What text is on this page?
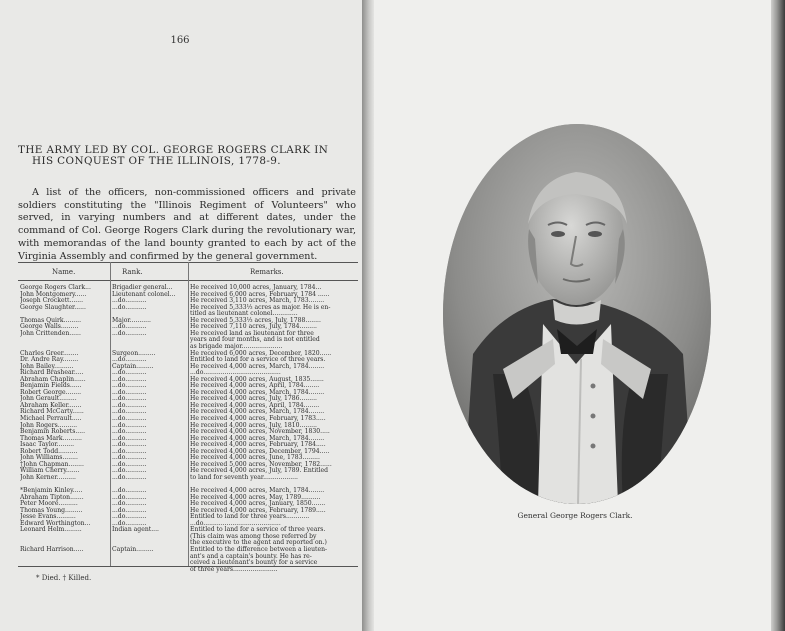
166
THE ARMY LED BY COL. GEORGE ROGERS CLARK IN
HIS CONQUEST OF THE ILLINOIS, 1778-9.
A list of the officers, non-commissioned officers and private soldiers constituting the "Illinois Regiment of Volunteers" who served, in varying numbers and at different dates, under the command of Col. George Rogers Clark during the revolutionary war, with memorandas of the land bounty granted to each by act of the Virginia Assembly and confirmed by the general government.
Name.	Rank.	Remarks.
George Rogers Clark...	Brigadier general...	He received 10,000 acres, January, 1784...
John Montgomery......	Lieutenant colonel...	He received 6,000 acres, February, 1784 ......
Joseph Crockett.......	...do...........	He received 3,110 acres, March, 1783........
George Slaughter......	...do...........	He received 5,333⅓ acres as major. He is en-
titled as lieutenant colonel.............
Thomas Quirk.........	Major...........	He received 5,333⅓ acres, July, 1788........
George Walls.........	...do...........	He received 7,110 acres, July, 1784.........
John Crittenden......	...do...........	He received land as lieutenant for three
years and four months, and is not entitled
as brigade major.....................
Charles Greer........	Surgeon.........	He received 6,000 acres, December, 1820......
Dr. Andre Ray........	...do...........	Entitled to land for a service of three years.
John Bailey..........	Captain.........	He received 4,000 acres, March, 1784........
Richard Brashear.....	...do...........	...do........................................
Abraham Chaplin......	...do...........	He received 4,000 acres, August, 1835.......
Benjamin Fields......	...do...........	He received 4,000 acres, April, 1784........
Robert George........	...do...........	He received 4,000 acres, March, 1784........
John Gerault.........	...do...........	He received 4,000 acres, July, 1786.........
Abraham Keller.......	...do...........	He received 4,000 acres, April, 1784........
Richard McCarty......	...do...........	He received 4,000 acres, March, 1784........
Michael Perrault.....	...do...........	He received 4,000 acres, February, 1783.....
John Rogers..........	...do...........	He received 4,000 acres, July, 1810.........
Benjamin Roberts.....	...do...........	He received 4,000 acres, November, 1830.....
Thomas Mark..........	...do...........	He received 4,000 acres, March, 1784........
Isaac Taylor.........	...do...........	He received 4,000 acres, February, 1784.....
Robert Todd..........	...do...........	He received 4,000 acres, December, 1794.....
John Williams........	...do...........	He received 4,000 acres, June, 1783.........
†John Chapman........	...do...........	He received 5,000 acres, November, 1782......
William Cherry.......	...do...........	He received 4,000 acres, July, 1789. Entitled
John Kerner..........	...do...........	to land for seventh year..................
*Benjamin Kinley.....	...do...........	He received 4,000 acres, March, 1784........
Abraham Tipton.......	...do...........	He received 4,000 acres, May, 1789..........
Peter Moore..........	...do...........	He received 4,000 acres, January, 1850.......
Thomas Young.........	...do...........	He received 4,000 acres, February, 1789.....
Jesse Evans..........	...do...........	Entitled to land for three years............
Edward Worthington...	...do...........	...do........................................
Leonard Helm.........	Indian agent....	Entitled to land for a service of three years.
(This claim was among those referred by
the executive to the agent and reported on.)
Richard Harrison.....	Captain.........	Entitled to the difference between a lieuten-
ant's and a captain's bounty. He has re-
ceived a lieutenant's bounty for a service
of three years.......................
* Died. † Killed.
General George Rogers Clark.
